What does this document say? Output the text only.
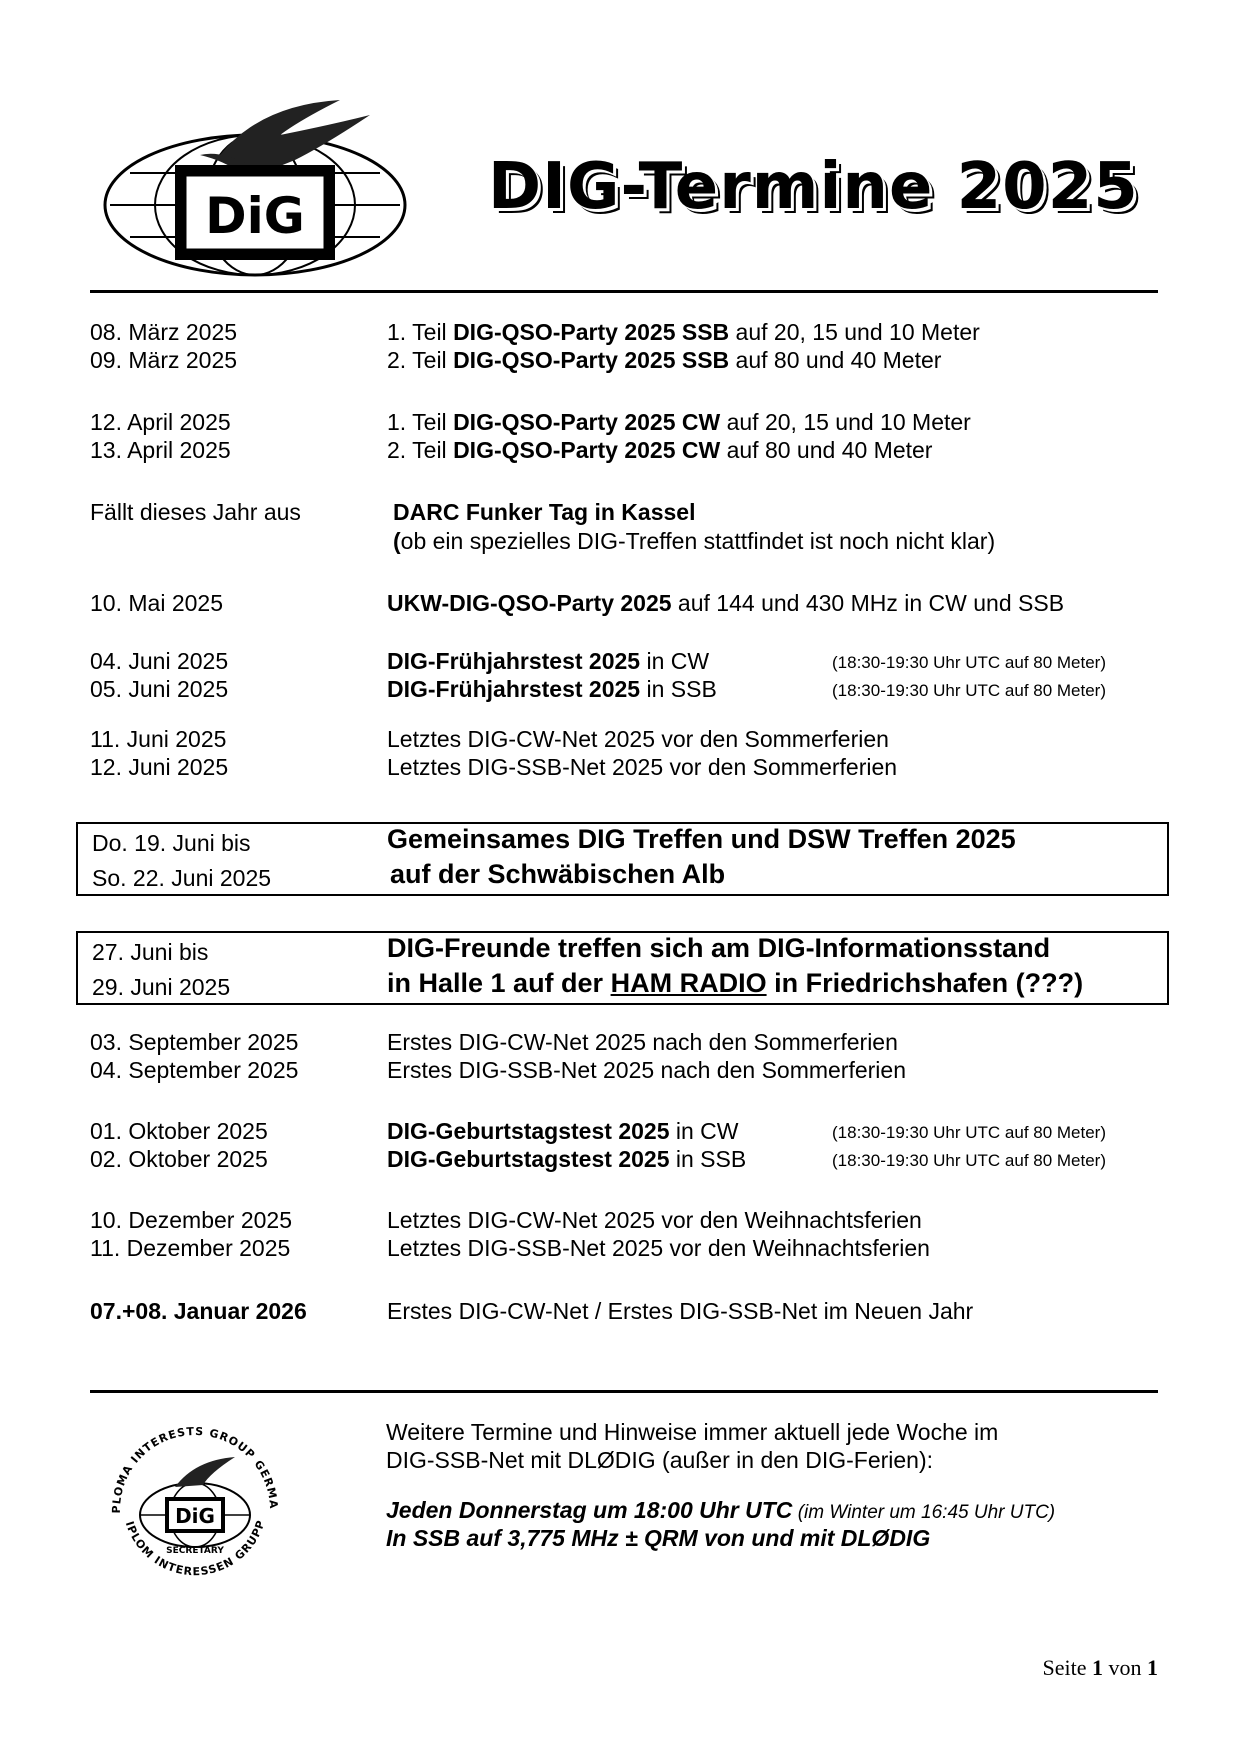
DiG	DIG-Termine 2025
08. März 2025	1. Teil DIG-QSO-Party 2025 SSB auf 20, 15 und 10 Meter
09. März 2025	2. Teil DIG-QSO-Party 2025 SSB auf 80 und 40 Meter
12. April 2025	1. Teil DIG-QSO-Party 2025 CW auf 20, 15 und 10 Meter
13. April 2025	2. Teil DIG-QSO-Party 2025 CW auf 80 und 40 Meter
Fällt dieses Jahr aus	DARC Funker Tag in Kassel
(ob ein spezielles DIG-Treffen stattfindet ist noch nicht klar)
10. Mai 2025	UKW-DIG-QSO-Party 2025 auf 144 und 430 MHz in CW und SSB
04. Juni 2025	DIG-Frühjahrstest 2025 in CW	(18:30-19:30 Uhr UTC auf 80 Meter)
05. Juni 2025	DIG-Frühjahrstest 2025 in SSB	(18:30-19:30 Uhr UTC auf 80 Meter)
11. Juni 2025	Letztes DIG-CW-Net 2025 vor den Sommerferien
12. Juni 2025	Letztes DIG-SSB-Net 2025 vor den Sommerferien
03. September 2025	Erstes DIG-CW-Net 2025 nach den Sommerferien
04. September 2025	Erstes DIG-SSB-Net 2025 nach den Sommerferien
01. Oktober 2025	DIG-Geburtstagstest 2025 in CW	(18:30-19:30 Uhr UTC auf 80 Meter)
02. Oktober 2025	DIG-Geburtstagstest 2025 in SSB	(18:30-19:30 Uhr UTC auf 80 Meter)
10. Dezember 2025	Letztes DIG-CW-Net 2025 vor den Weihnachtsferien
11. Dezember 2025	Letztes DIG-SSB-Net 2025 vor den Weihnachtsferien
07.+08. Januar 2026	Erstes DIG-CW-Net / Erstes DIG-SSB-Net im Neuen Jahr
Do. 19. Juni bis	Gemeinsames DIG Treffen und DSW Treffen 2025
So. 22. Juni 2025	auf der Schwäbischen Alb
27. Juni bis	DIG-Freunde treffen sich am DIG-Informationsstand
29. Juni 2025	in Halle 1 auf der HAM RADIO in Friedrichshafen (???)
PLOMA INTERESTS GROUP GERMA
IPLOM INTERESSEN GRUPP
DiG
SECRETARY
Weitere Termine und Hinweise immer aktuell jede Woche im
DIG-SSB-Net mit DLØDIG (außer in den DIG-Ferien):
Jeden Donnerstag um 18:00 Uhr UTC (im Winter um 16:45 Uhr UTC)
In SSB auf 3,775 MHz ± QRM von und mit DLØDIG
Seite 1 von 1
